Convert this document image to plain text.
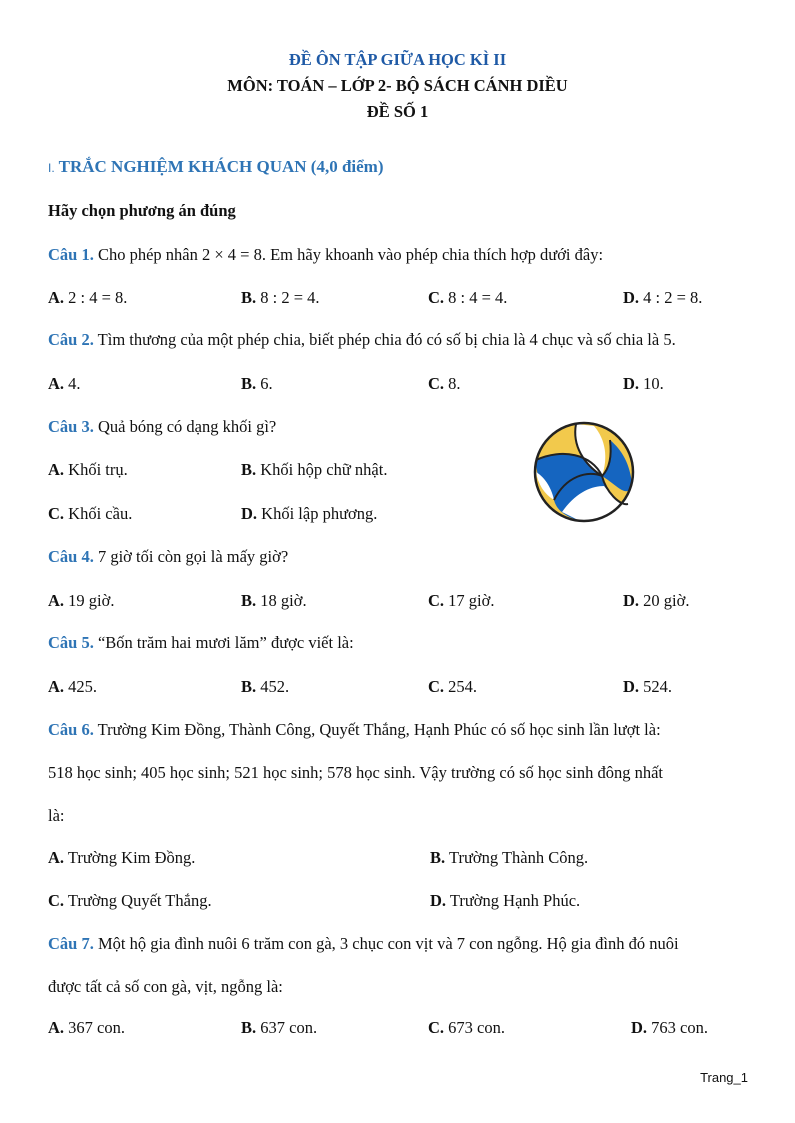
ĐỀ ÔN TẬP GIỮA HỌC KÌ II
MÔN: TOÁN – LỚP 2- BỘ SÁCH CÁNH DIỀU
ĐỀ SỐ 1
I. TRẮC NGHIỆM KHÁCH QUAN (4,0 điểm)
Hãy chọn phương án đúng
Câu 1. Cho phép nhân 2 × 4 = 8. Em hãy khoanh vào phép chia thích hợp dưới đây:
A. 2 : 4 = 8.	B. 8 : 2 = 4.	C. 8 : 4 = 4.	D. 4 : 2 = 8.
Câu 2. Tìm thương của một phép chia, biết phép chia đó có số bị chia là 4 chục và số chia là 5.
A. 4.	B. 6.	C. 8.	D. 10.
Câu 3. Quả bóng có dạng khối gì?
A. Khối trụ.	B. Khối hộp chữ nhật.
C. Khối cầu.	D. Khối lập phương.
Câu 4. 7 giờ tối còn gọi là mấy giờ?
A. 19 giờ.	B. 18 giờ.	C. 17 giờ.	D. 20 giờ.
Câu 5. “Bốn trăm hai mươi lăm” được viết là:
A. 425.	B. 452.	C. 254.	D. 524.
Câu 6. Trường Kim Đồng, Thành Công, Quyết Thắng, Hạnh Phúc có số học sinh lần lượt là:
518 học sinh; 405 học sinh; 521 học sinh; 578 học sinh. Vậy trường có số học sinh đông nhất
là:
A. Trường Kim Đồng.	B. Trường Thành Công.
C. Trường Quyết Thắng.	D. Trường Hạnh Phúc.
Câu 7. Một hộ gia đình nuôi 6 trăm con gà, 3 chục con vịt và 7 con ngỗng. Hộ gia đình đó nuôi
được tất cả số con gà, vịt, ngỗng là:
A. 367 con.	B. 637 con.	C. 673 con.	D. 763 con.
Trang_1
